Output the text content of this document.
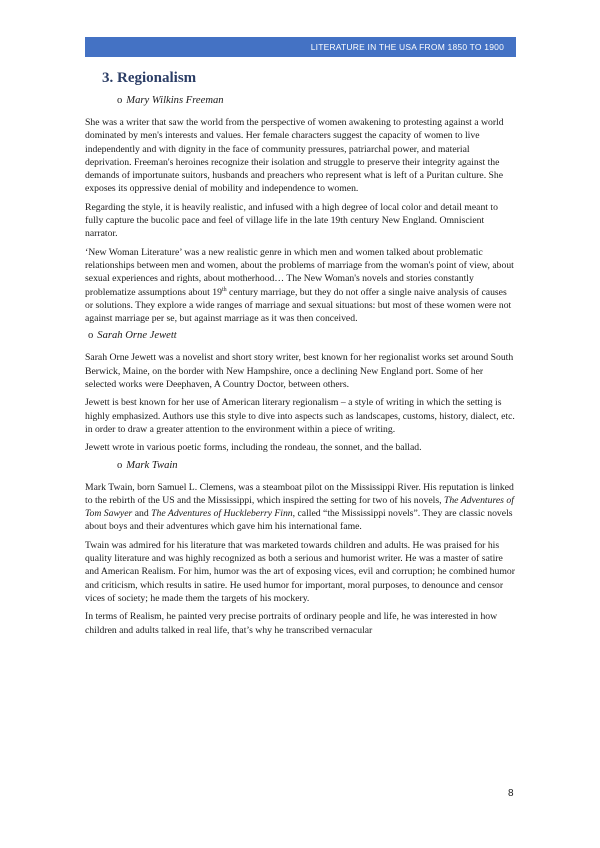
LITERATURE IN THE USA FROM 1850 TO 1900
3. Regionalism
o Mary Wilkins Freeman

She was a writer that saw the world from the perspective of women awakening to protesting against a world dominated by men's interests and values. Her female characters suggest the capacity of women to live independently and with dignity in the face of community pressures, patriarchal power, and material deprivation. Freeman's heroines recognize their isolation and struggle to preserve their integrity against the demands of importunate suitors, husbands and preachers who represent what is left of a Puritan culture. She exposes its oppressive denial of mobility and independence to women.

Regarding the style, it is heavily realistic, and infused with a high degree of local color and detail meant to fully capture the bucolic pace and feel of village life in the late 19th century New England. Omniscient narrator.

‘New Woman Literature’ was a new realistic genre in which men and women talked about problematic relationships between men and women, about the problems of marriage from the woman's point of view, about sexual experiences and rights, about motherhood… The New Woman's novels and stories constantly problematize assumptions about 19th century marriage, but they do not offer a single naive analysis of causes or solutions. They explore a wide ranges of marriage and sexual situations: but most of these women were not against marriage per se, but against marriage as it was then conceived.

o Sarah Orne Jewett

Sarah Orne Jewett was a novelist and short story writer, best known for her regionalist works set around South Berwick, Maine, on the border with New Hampshire, once a declining New England port. Some of her selected works were Deephaven, A Country Doctor, between others.

Jewett is best known for her use of American literary regionalism – a style of writing in which the setting is highly emphasized. Authors use this style to dive into aspects such as landscapes, customs, history, dialect, etc. in order to draw a greater attention to the environment within a piece of writing.

Jewett wrote in various poetic forms, including the rondeau, the sonnet, and the ballad.

o Mark Twain

Mark Twain, born Samuel L. Clemens, was a steamboat pilot on the Mississippi River. His reputation is linked to the rebirth of the US and the Mississippi, which inspired the setting for two of his novels, The Adventures of Tom Sawyer and The Adventures of Huckleberry Finn, called “the Mississippi novels”. They are classic novels about boys and their adventures which gave him his international fame.

Twain was admired for his literature that was marketed towards children and adults. He was praised for his quality literature and was highly recognized as both a serious and humorist writer. He was a master of satire and American Realism. For him, humor was the art of exposing vices, evil and corruption; he combined humor and criticism, which results in satire. He used humor for important, moral purposes, to denounce and censor vices of society; he made them the targets of his mockery.

In terms of Realism, he painted very precise portraits of ordinary people and life, he was interested in how children and adults talked in real life, that’s why he transcribed vernacular

8
